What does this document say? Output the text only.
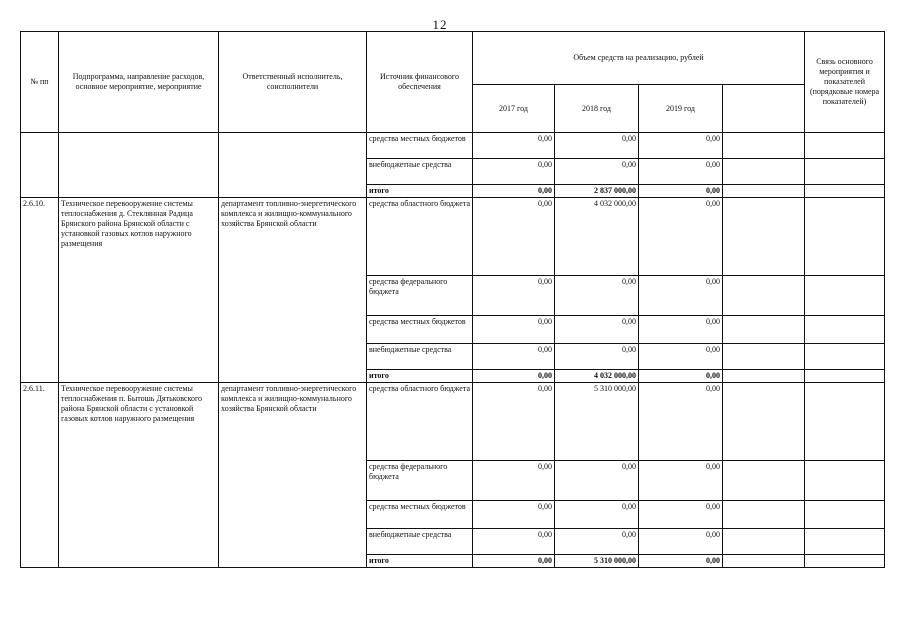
12
№ пп	Подпрограмма, направление расходов, основное мероприятие, мероприятие	Ответственный исполнитель, соисполнители	Источник финансового обеспечения	Объем средств на реализацию, рублей				Связь основного мероприятия и показателей (порядковые номера показателей)
				2017 год	2018 год	2019 год		
			средства местных бюджетов	0,00	0,00	0,00		
			внебюджетные средства	0,00	0,00	0,00		
			итого	0,00	2 837 000,00	0,00		
2.6.10.	Техническое перевооружение системы теплоснабжения д. Стеклянная Радица Брянского района Брянской области с установкой газовых котлов наружного размещения	департамент топливно-энергетического комплекса и жилищно-коммунального хозяйства Брянской области	средства областного бюджета	0,00	4 032 000,00	0,00		
			средства федерального бюджета	0,00	0,00	0,00		
			средства местных бюджетов	0,00	0,00	0,00		
			внебюджетные средства	0,00	0,00	0,00		
			итого	0,00	4 032 000,00	0,00		
2.6.11.	Техническое перевооружение системы теплоснабжения п. Бытошь Дятьковского района Брянской области с установкой газовых котлов наружного размещения	департамент топливно-энергетического комплекса и жилищно-коммунального хозяйства Брянской области	средства областного бюджета	0,00	5 310 000,00	0,00		
			средства федерального бюджета	0,00	0,00	0,00		
			средства местных бюджетов	0,00	0,00	0,00		
			внебюджетные средства	0,00	0,00	0,00		
			итого	0,00	5 310 000,00	0,00		
